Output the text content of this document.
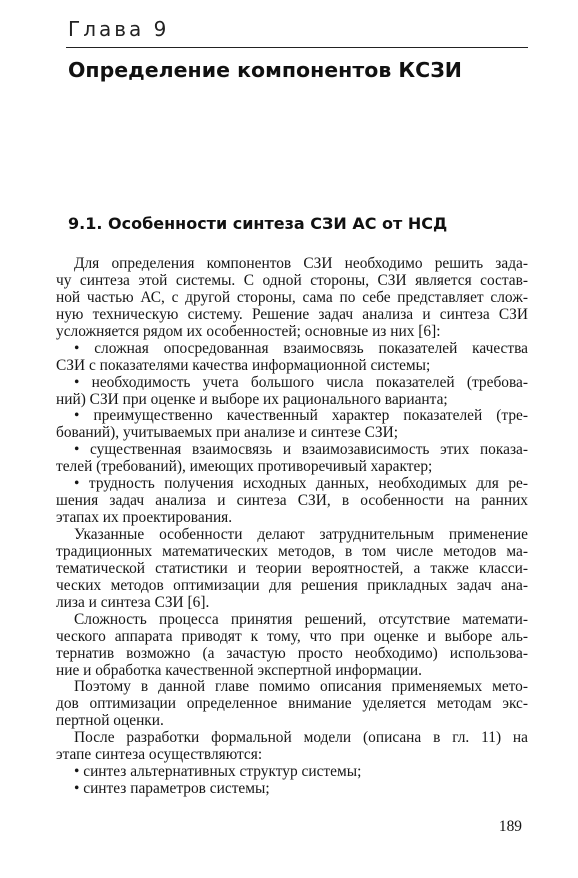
Глава 9
Определение компонентов КСЗИ
9.1. Особенности синтеза СЗИ АС от НСД
Для определения компонентов СЗИ необходимо решить зада-
чу синтеза этой системы. С одной стороны, СЗИ является состав-
ной частью АС, с другой стороны, сама по себе представляет слож-
ную техническую систему. Решение задач анализа и синтеза СЗИ
усложняется рядом их особенностей; основные из них [6]:
• сложная опосредованная взаимосвязь показателей качества
СЗИ с показателями качества информационной системы;
• необходимость учета большого числа показателей (требова-
ний) СЗИ при оценке и выборе их рационального варианта;
• преимущественно качественный характер показателей (тре-
бований), учитываемых при анализе и синтезе СЗИ;
• существенная взаимосвязь и взаимозависимость этих показа-
телей (требований), имеющих противоречивый характер;
• трудность получения исходных данных, необходимых для ре-
шения задач анализа и синтеза СЗИ, в особенности на ранних
этапах их проектирования.
Указанные особенности делают затруднительным применение
традиционных математических методов, в том числе методов ма-
тематической статистики и теории вероятностей, а также класси-
ческих методов оптимизации для решения прикладных задач ана-
лиза и синтеза СЗИ [6].
Сложность процесса принятия решений, отсутствие математи-
ческого аппарата приводят к тому, что при оценке и выборе аль-
тернатив возможно (а зачастую просто необходимо) использова-
ние и обработка качественной экспертной информации.
Поэтому в данной главе помимо описания применяемых мето-
дов оптимизации определенное внимание уделяется методам экс-
пертной оценки.
После разработки формальной модели (описана в гл. 11) на
этапе синтеза осуществляются:
• синтез альтернативных структур системы;
• синтез параметров системы;
189
